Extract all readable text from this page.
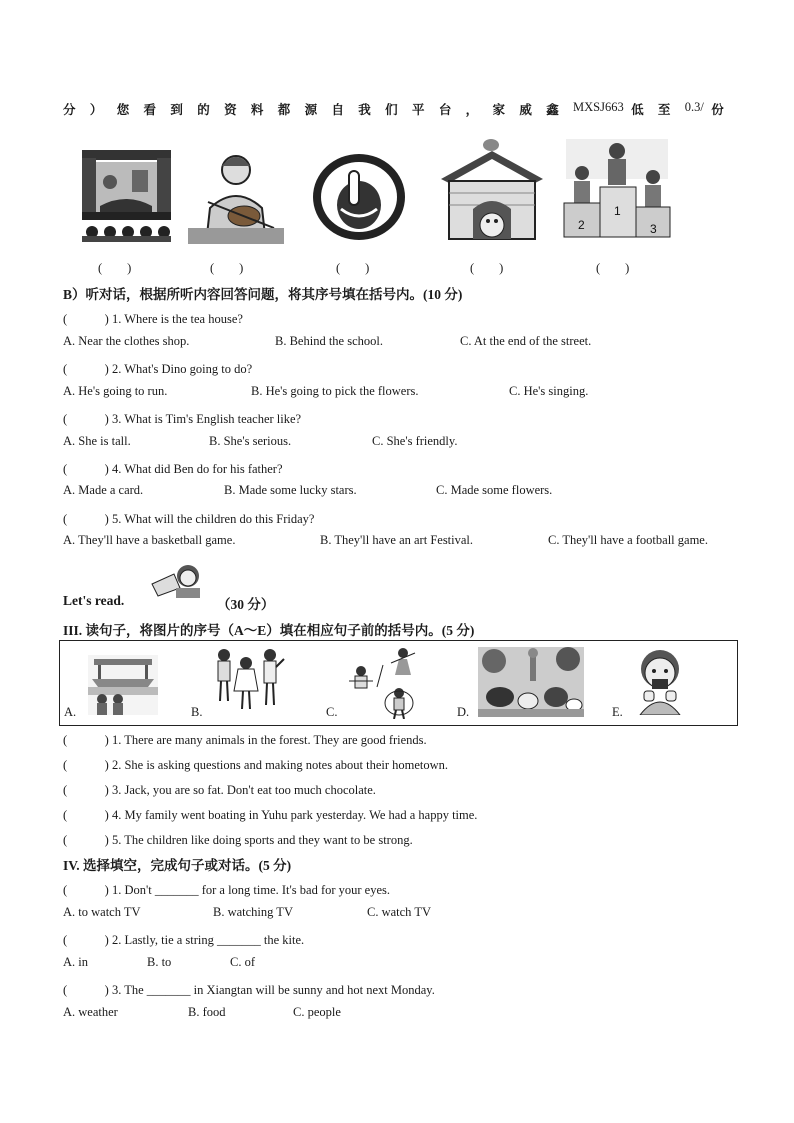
分 ） 您 看 到 的 资 料 都 源 自 我 们 平 台 ， 家 威 鑫 MXSJ663 低 至 0.3/ 份
2
1
3
(　　)	(　　)	(　　)	(　　)	(　　)
B）听对话，根据所听内容回答问题，将其序号填在括号内。(10 分)
(　　　) 1. Where is the tea house?
A. Near the clothes shop.	B. Behind the school.	C. At the end of the street.
(　　　) 2. What's Dino going to do?
A. He's going to run.	B. He's going to pick the flowers.	C. He's singing.
(　　　) 3. What is Tim's English teacher like?
A. She is tall.	B. She's serious.	C. She's friendly.
(　　　) 4. What did Ben do for his father?
A. Made a card.	B. Made some lucky stars.	C. Made some flowers.
(　　　) 5. What will the children do this Friday?
A. They'll have a basketball game.	B. They'll have an art Festival.	C. They'll have a football game.
Let's read.	（30 分）
III. 读句子，将图片的序号（A～E）填在相应句子前的括号内。(5 分)
A.	B.	C.	D.	E.
(　　　) 1. There are many animals in the forest. They are good friends.
(　　　) 2. She is asking questions and making notes about their hometown.
(　　　) 3. Jack, you are so fat. Don't eat too much chocolate.
(　　　) 4. My family went boating in Yuhu park yesterday. We had a happy time.
(　　　) 5. The children like doing sports and they want to be strong.
IV. 选择填空，完成句子或对话。(5 分)
(　　　) 1. Don't _______ for a long time. It's bad for your eyes.
A. to watch TV	B. watching TV	C. watch TV
(　　　) 2. Lastly, tie a string _______ the kite.
A. in	B. to	C. of
(　　　) 3. The _______ in Xiangtan will be sunny and hot next Monday.
A. weather	B. food	C. people
